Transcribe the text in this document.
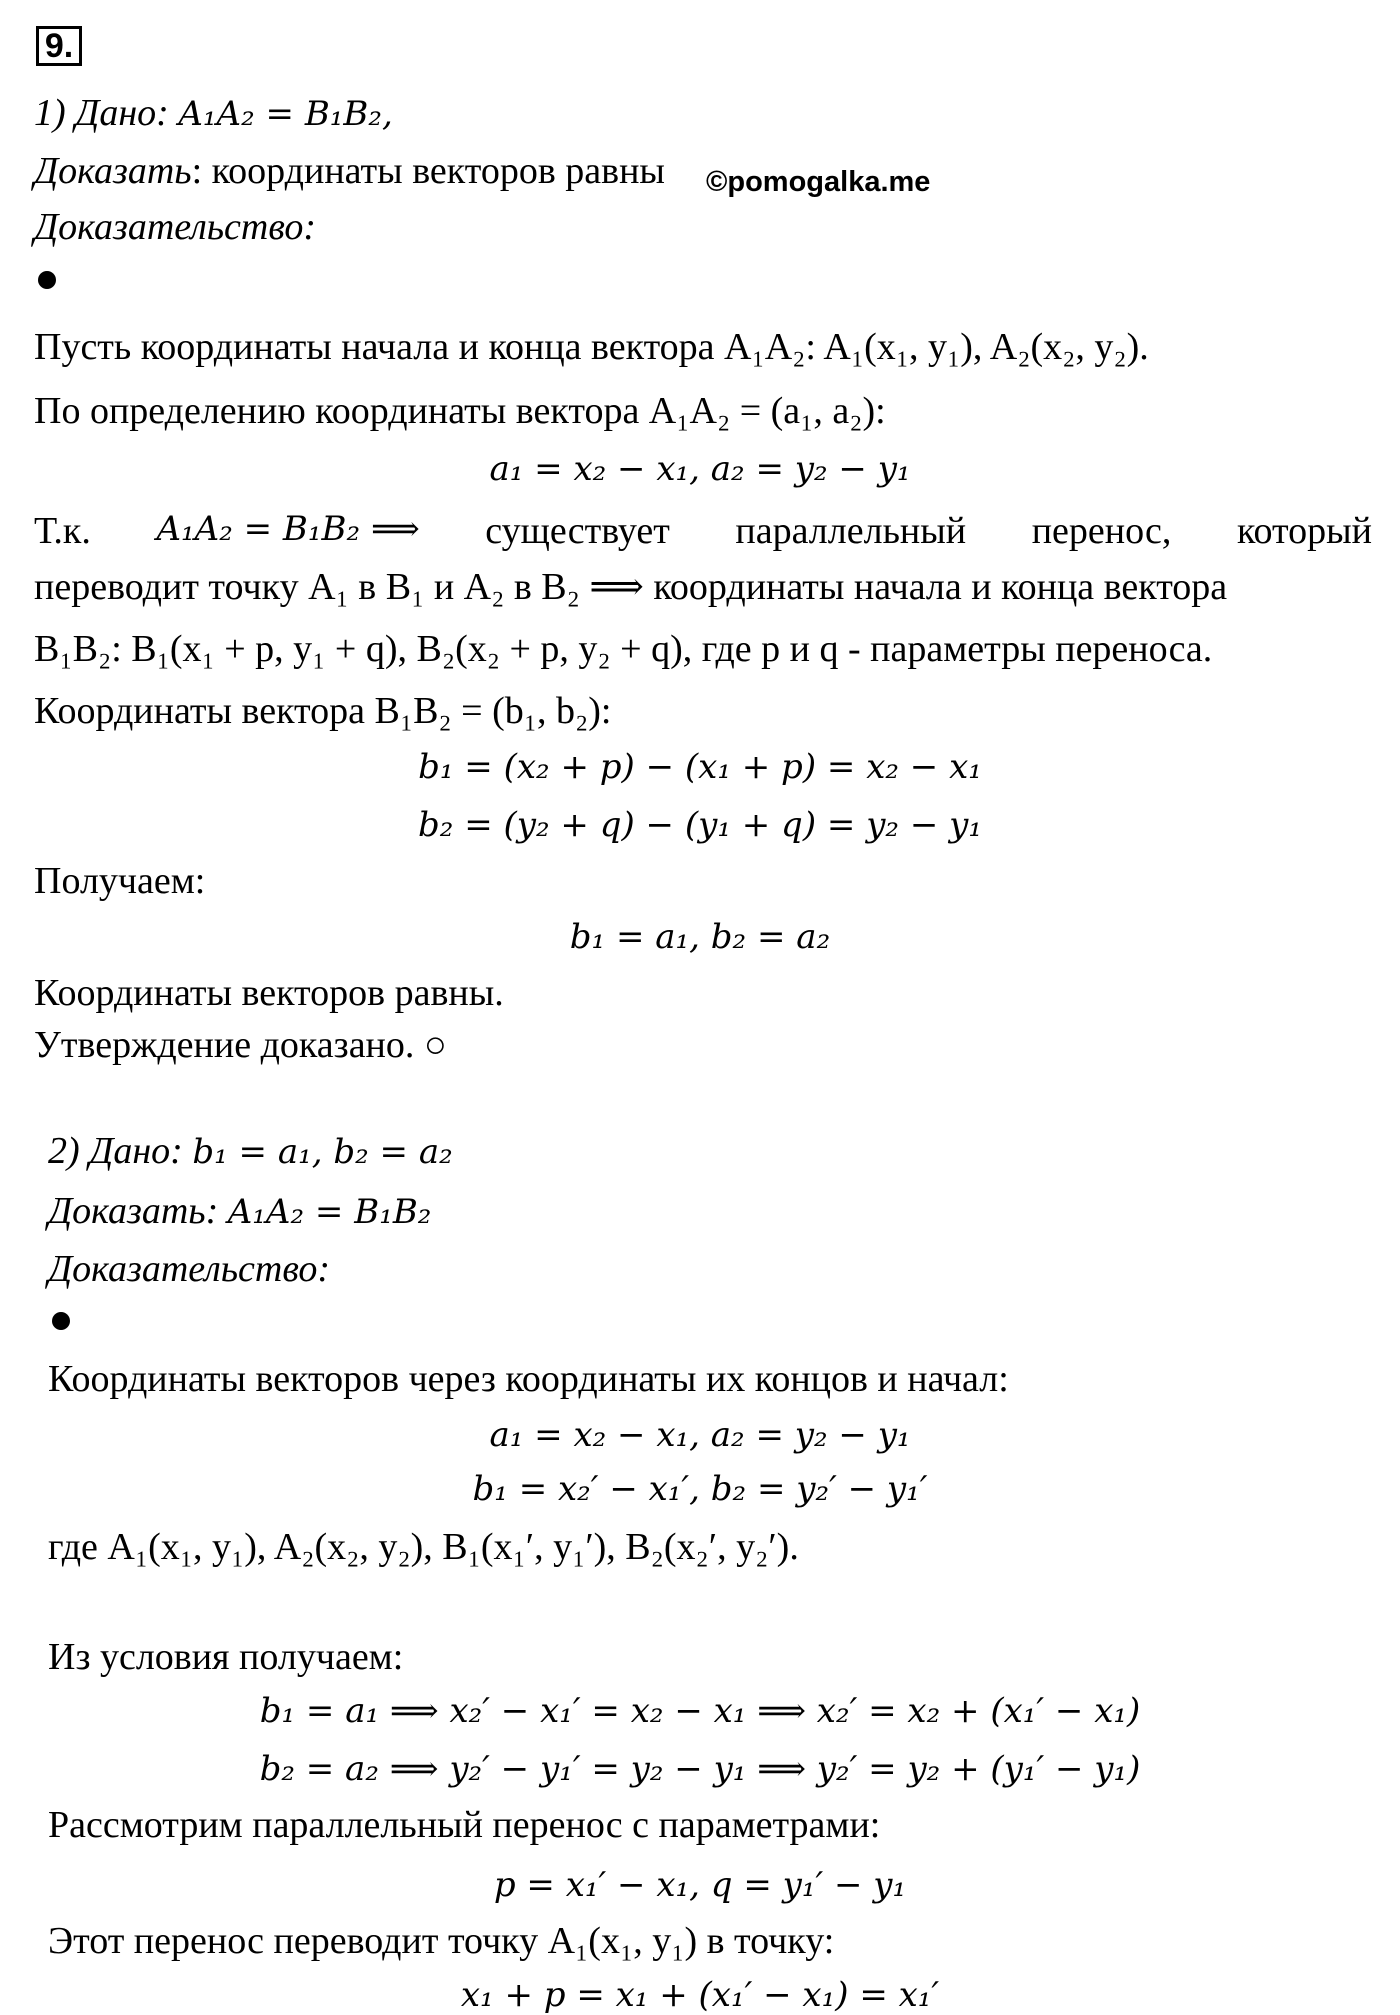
9.
1) Дано: A₁A₂ = B₁B₂,
Доказать: координаты векторов равны ©pomogalka.me
Доказательство:
Пусть координаты начала и конца вектора A₁A₂: A₁(x₁, y₁), A₂(x₂, y₂).
По определению координаты вектора A₁A₂ = (a₁, a₂):
a₁ = x₂ − x₁, a₂ = y₂ − y₁
Т.к. A₁A₂ = B₁B₂ ⟹ существует параллельный перенос, который
переводит точку A₁ в B₁ и A₂ в B₂ ⟹ координаты начала и конца вектора
B₁B₂: B₁(x₁ + p, y₁ + q), B₂(x₂ + p, y₂ + q), где p и q - параметры переноса.
Координаты вектора B₁B₂ = (b₁, b₂):
b₁ = (x₂ + p) − (x₁ + p) = x₂ − x₁
b₂ = (y₂ + q) − (y₁ + q) = y₂ − y₁
Получаем:
b₁ = a₁, b₂ = a₂
Координаты векторов равны.
Утверждение доказано. ○
2) Дано: b₁ = a₁, b₂ = a₂
Доказать: A₁A₂ = B₁B₂
Доказательство:
Координаты векторов через координаты их концов и начал:
a₁ = x₂ − x₁, a₂ = y₂ − y₁
b₁ = x₂′ − x₁′, b₂ = y₂′ − y₁′
где A₁(x₁, y₁), A₂(x₂, y₂), B₁(x₁′, y₁′), B₂(x₂′, y₂′).
Из условия получаем:
b₁ = a₁ ⟹ x₂′ − x₁′ = x₂ − x₁ ⟹ x₂′ = x₂ + (x₁′ − x₁)
b₂ = a₂ ⟹ y₂′ − y₁′ = y₂ − y₁ ⟹ y₂′ = y₂ + (y₁′ − y₁)
Рассмотрим параллельный перенос с параметрами:
p = x₁′ − x₁, q = y₁′ − y₁
Этот перенос переводит точку A₁(x₁, y₁) в точку:
x₁ + p = x₁ + (x₁′ − x₁) = x₁′
